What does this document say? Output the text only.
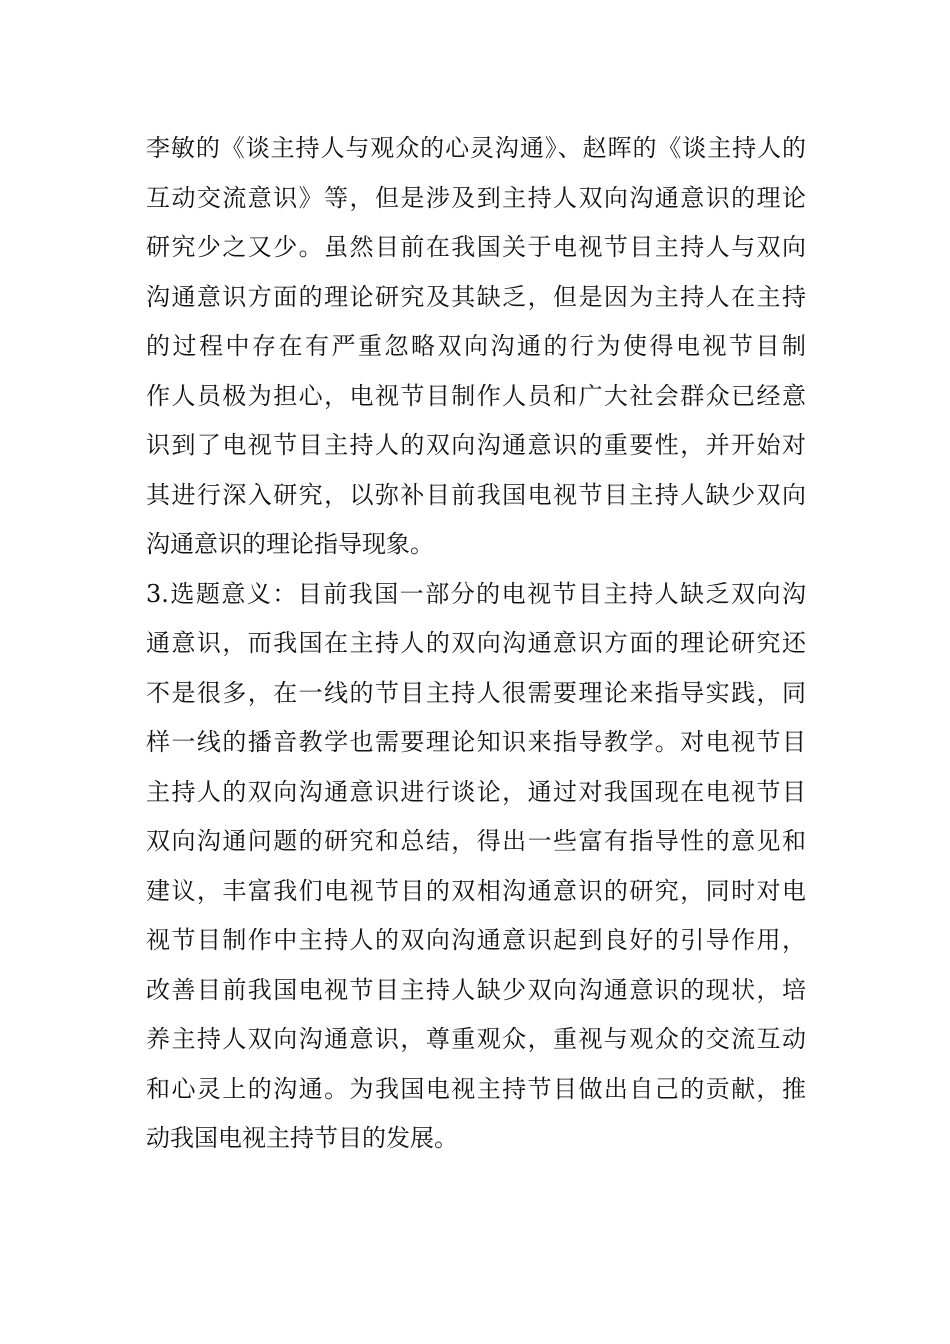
李敏的《谈主持人与观众的心灵沟通》、赵晖的《谈主持人的
互动交流意识》等，但是涉及到主持人双向沟通意识的理论
研究少之又少。虽然目前在我国关于电视节目主持人与双向
沟通意识方面的理论研究及其缺乏，但是因为主持人在主持
的过程中存在有严重忽略双向沟通的行为使得电视节目制
作人员极为担心，电视节目制作人员和广大社会群众已经意
识到了电视节目主持人的双向沟通意识的重要性，并开始对
其进行深入研究，以弥补目前我国电视节目主持人缺少双向
沟通意识的理论指导现象。
3.选题意义：目前我国一部分的电视节目主持人缺乏双向沟
通意识，而我国在主持人的双向沟通意识方面的理论研究还
不是很多，在一线的节目主持人很需要理论来指导实践，同
样一线的播音教学也需要理论知识来指导教学。对电视节目
主持人的双向沟通意识进行谈论，通过对我国现在电视节目
双向沟通问题的研究和总结，得出一些富有指导性的意见和
建议，丰富我们电视节目的双相沟通意识的研究，同时对电
视节目制作中主持人的双向沟通意识起到良好的引导作用，
改善目前我国电视节目主持人缺少双向沟通意识的现状，培
养主持人双向沟通意识，尊重观众，重视与观众的交流互动
和心灵上的沟通。为我国电视主持节目做出自己的贡献，推
动我国电视主持节目的发展。
